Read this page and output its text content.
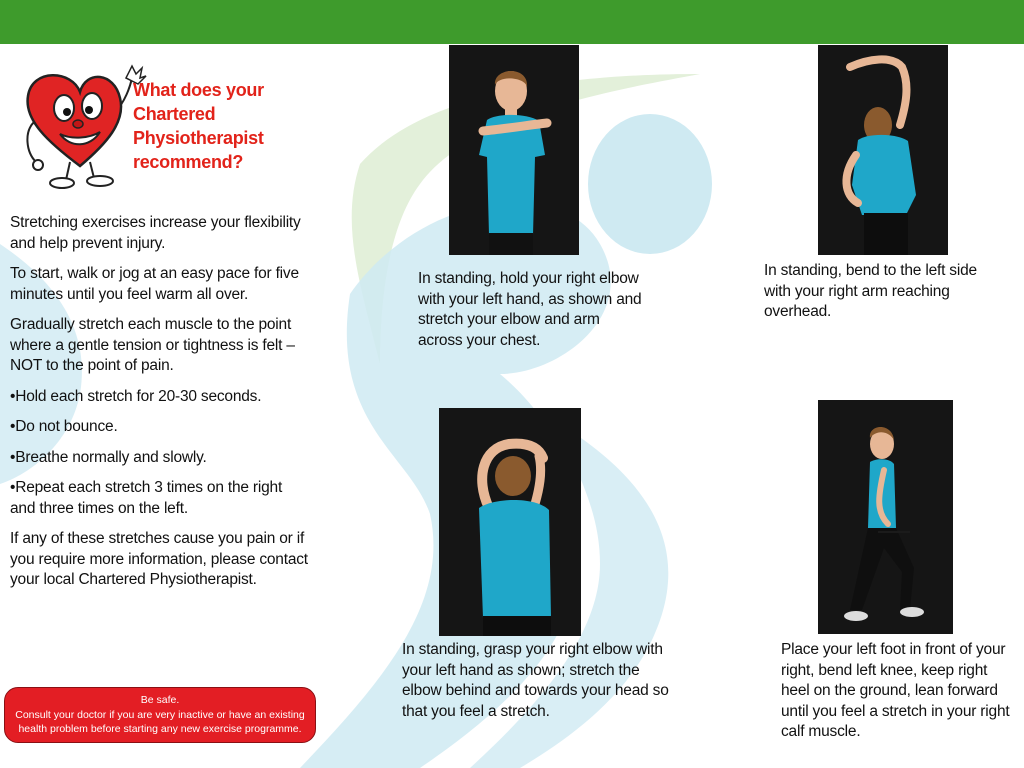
What does your Chartered Physiotherapist recommend?

Stretching exercises increase your flexibility and help prevent injury.

To start, walk or jog at an easy pace for five minutes until you feel warm all over.

Gradually stretch each muscle to the point where a gentle tension or tightness is felt – NOT to the point of pain.

•Hold each stretch for 20-30 seconds.

•Do not bounce.

•Breathe normally and slowly.

•Repeat each stretch 3 times on the right and three times on the left.

If any of these stretches cause you pain or if you require more information, please contact your local Chartered Physiotherapist.

Be safe.
Consult your doctor if you are very inactive or have an existing
health problem before starting any new exercise programme.
In standing, hold your right elbow with your left hand, as shown and stretch your elbow and arm across your chest.
In standing, bend to the left side with your right arm reaching overhead.
In standing, grasp your right elbow with your left hand as shown; stretch the elbow behind and towards your head so that you feel a stretch.
Place your left foot in front of your right, bend left knee, keep right heel on the ground, lean forward until you feel a stretch in your right calf muscle.
